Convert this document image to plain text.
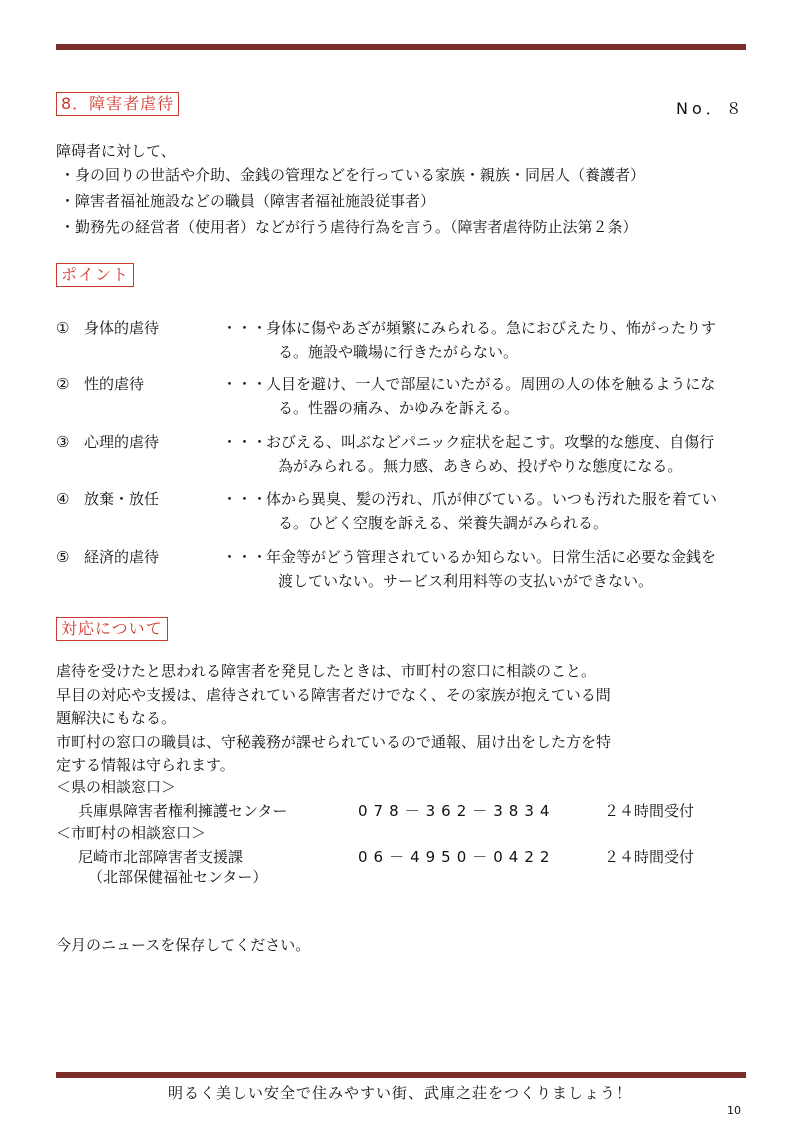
8．障害者虐待	No．８
障碍者に対して、
・身の回りの世話や介助、金銭の管理などを行っている家族・親族・同居人（養護者）
・障害者福祉施設などの職員（障害者福祉施設従事者）
・勤務先の経営者（使用者）などが行う虐待行為を言う。（障害者虐待防止法第２条）
ポイント
① 身体的虐待	・・・
身体に傷やあざが頻繁にみられる。急におびえたり、怖がったりす
る。施設や職場に行きたがらない。
② 性的虐待	・・・
人目を避け、一人で部屋にいたがる。周囲の人の体を触るようにな
る。性器の痛み、かゆみを訴える。
③ 心理的虐待	・・・
おびえる、叫ぶなどパニック症状を起こす。攻撃的な態度、自傷行
為がみられる。無力感、あきらめ、投げやりな態度になる。
④ 放棄・放任	・・・
体から異臭、髪の汚れ、爪が伸びている。いつも汚れた服を着てい
る。ひどく空腹を訴える、栄養失調がみられる。
⑤ 経済的虐待	・・・
年金等がどう管理されているか知らない。日常生活に必要な金銭を
渡していない。サービス利用料等の支払いができない。
対応について
虐待を受けたと思われる障害者を発見したときは、市町村の窓口に相談のこと。
早目の対応や支援は、虐待されている障害者だけでなく、その家族が抱えている問
題解決にもなる。
市町村の窓口の職員は、守秘義務が課せられているので通報、届け出をした方を特
定する情報は守られます。
＜県の相談窓口＞
兵庫県障害者権利擁護センター	078－362－3834	２４時間受付
＜市町村の相談窓口＞
尼崎市北部障害者支援課	06－4950－0422	２４時間受付
（北部保健福祉センター）
今月のニュースを保存してください。
明るく美しい安全で住みやすい街、武庫之荘をつくりましょう！
10
